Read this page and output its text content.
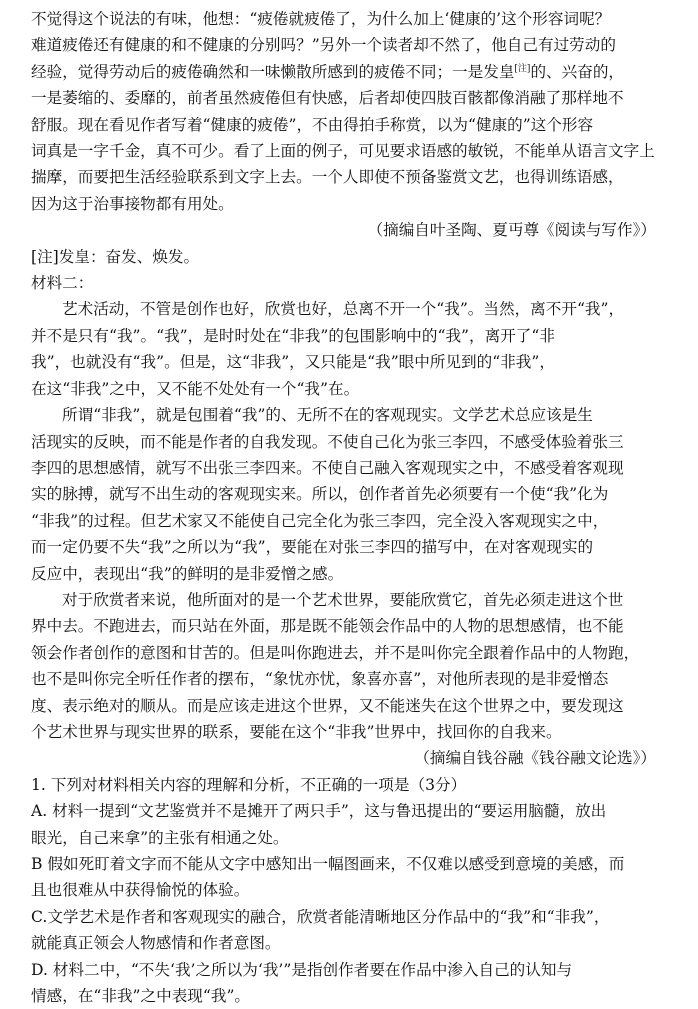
不觉得这个说法的有味，他想：“疲倦就疲倦了，为什么加上‘健康的’这个形容词呢？
难道疲倦还有健康的和不健康的分别吗？”另外一个读者却不然了，他自己有过劳动的
经验，觉得劳动后的疲倦确然和一味懒散所感到的疲倦不同；一是发皇[注]的、兴奋的，
一是萎缩的、委靡的，前者虽然疲倦但有快感，后者却使四肢百骸都像消融了那样地不
舒服。现在看见作者写着“健康的疲倦”，不由得拍手称赏，以为“健康的”这个形容
词真是一字千金，真不可少。看了上面的例子，可见要求语感的敏锐，不能单从语言文字上
揣摩，而要把生活经验联系到文字上去。一个人即使不预备鉴赏文艺，也得训练语感，
因为这于治事接物都有用处。
（摘编自叶圣陶、夏丏尊《阅读与写作》）
[注]发皇：奋发、焕发。
材料二：
艺术活动，不管是创作也好，欣赏也好，总离不开一个“我”。当然，离不开“我”，
并不是只有“我”。“我”，是时时处在“非我”的包围影响中的“我”，离开了“非
我”，也就没有“我”。但是，这“非我”，又只能是“我”眼中所见到的“非我”，
在这“非我”之中，又不能不处处有一个“我”在。
所谓“非我”，就是包围着“我”的、无所不在的客观现实。文学艺术总应该是生
活现实的反映，而不能是作者的自我发现。不使自己化为张三李四，不感受体验着张三
李四的思想感情，就写不出张三李四来。不使自己融入客观现实之中，不感受着客观现
实的脉搏，就写不出生动的客观现实来。所以，创作者首先必须要有一个使“我”化为
“非我”的过程。但艺术家又不能使自己完全化为张三李四，完全没入客观现实之中，
而一定仍要不失“我”之所以为“我”，要能在对张三李四的描写中，在对客观现实的
反应中，表现出“我”的鲜明的是非爱憎之感。
对于欣赏者来说，他所面对的是一个艺术世界，要能欣赏它，首先必须走进这个世
界中去。不跑进去，而只站在外面，那是既不能领会作品中的人物的思想感情，也不能
领会作者创作的意图和甘苦的。但是叫你跑进去，并不是叫你完全跟着作品中的人物跑，
也不是叫你完全听任作者的摆布，“象忧亦忧，象喜亦喜”，对他所表现的是非爱憎态
度、表示绝对的顺从。而是应该走进这个世界，又不能迷失在这个世界之中，要发现这
个艺术世界与现实世界的联系，要能在这个“非我”世界中，找回你的自我来。
（摘编自钱谷融《钱谷融文论选》）
1. 下列对材料相关内容的理解和分析，不正确的一项是（3分）
A. 材料一提到“文艺鉴赏并不是摊开了两只手”，这与鲁迅提出的“要运用脑髓，放出
眼光，自己来拿”的主张有相通之处。
B 假如死盯着文字而不能从文字中感知出一幅图画来，不仅难以感受到意境的美感，而
且也很难从中获得愉悦的体验。
C.文学艺术是作者和客观现实的融合，欣赏者能清晰地区分作品中的“我”和“非我”，
就能真正领会人物感情和作者意图。
D. 材料二中，“不失‘我’之所以为‘我’”是指创作者要在作品中渗入自己的认知与
情感，在“非我”之中表现“我”。
